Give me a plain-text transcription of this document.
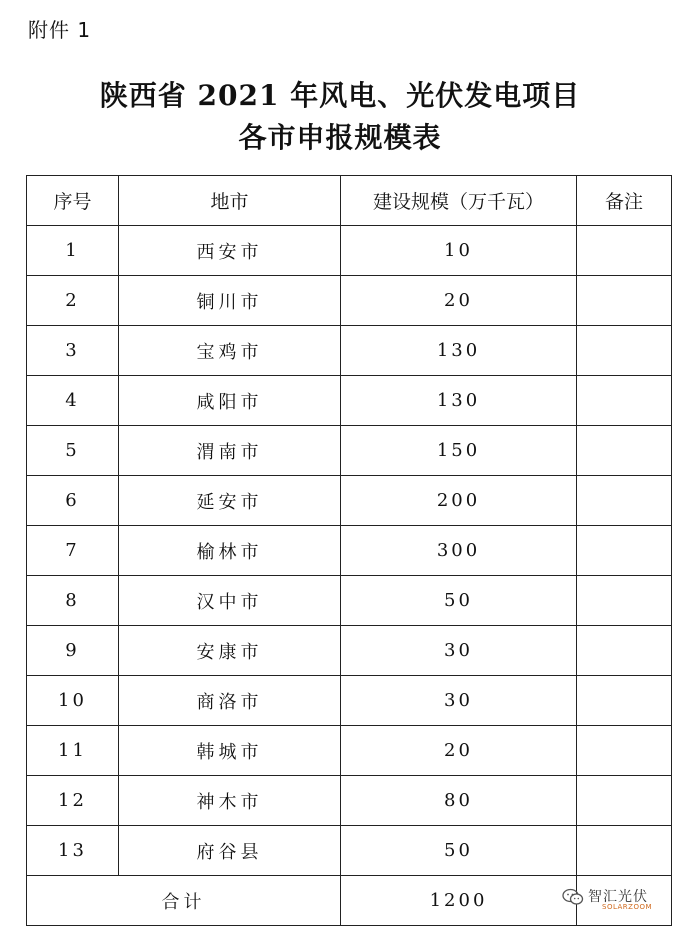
附件 1
陕西省 2021 年风电、光伏发电项目
各市申报规模表
序号	地市	建设规模（万千瓦）	备注
1	西安市	10	
2	铜川市	20	
3	宝鸡市	130	
4	咸阳市	130	
5	渭南市	150	
6	延安市	200	
7	榆林市	300	
8	汉中市	50	
9	安康市	30	
10	商洛市	30	
11	韩城市	20	
12	神木市	80	
13	府谷县	50	
合计		1200		智汇光伏
SOLARZOOM
